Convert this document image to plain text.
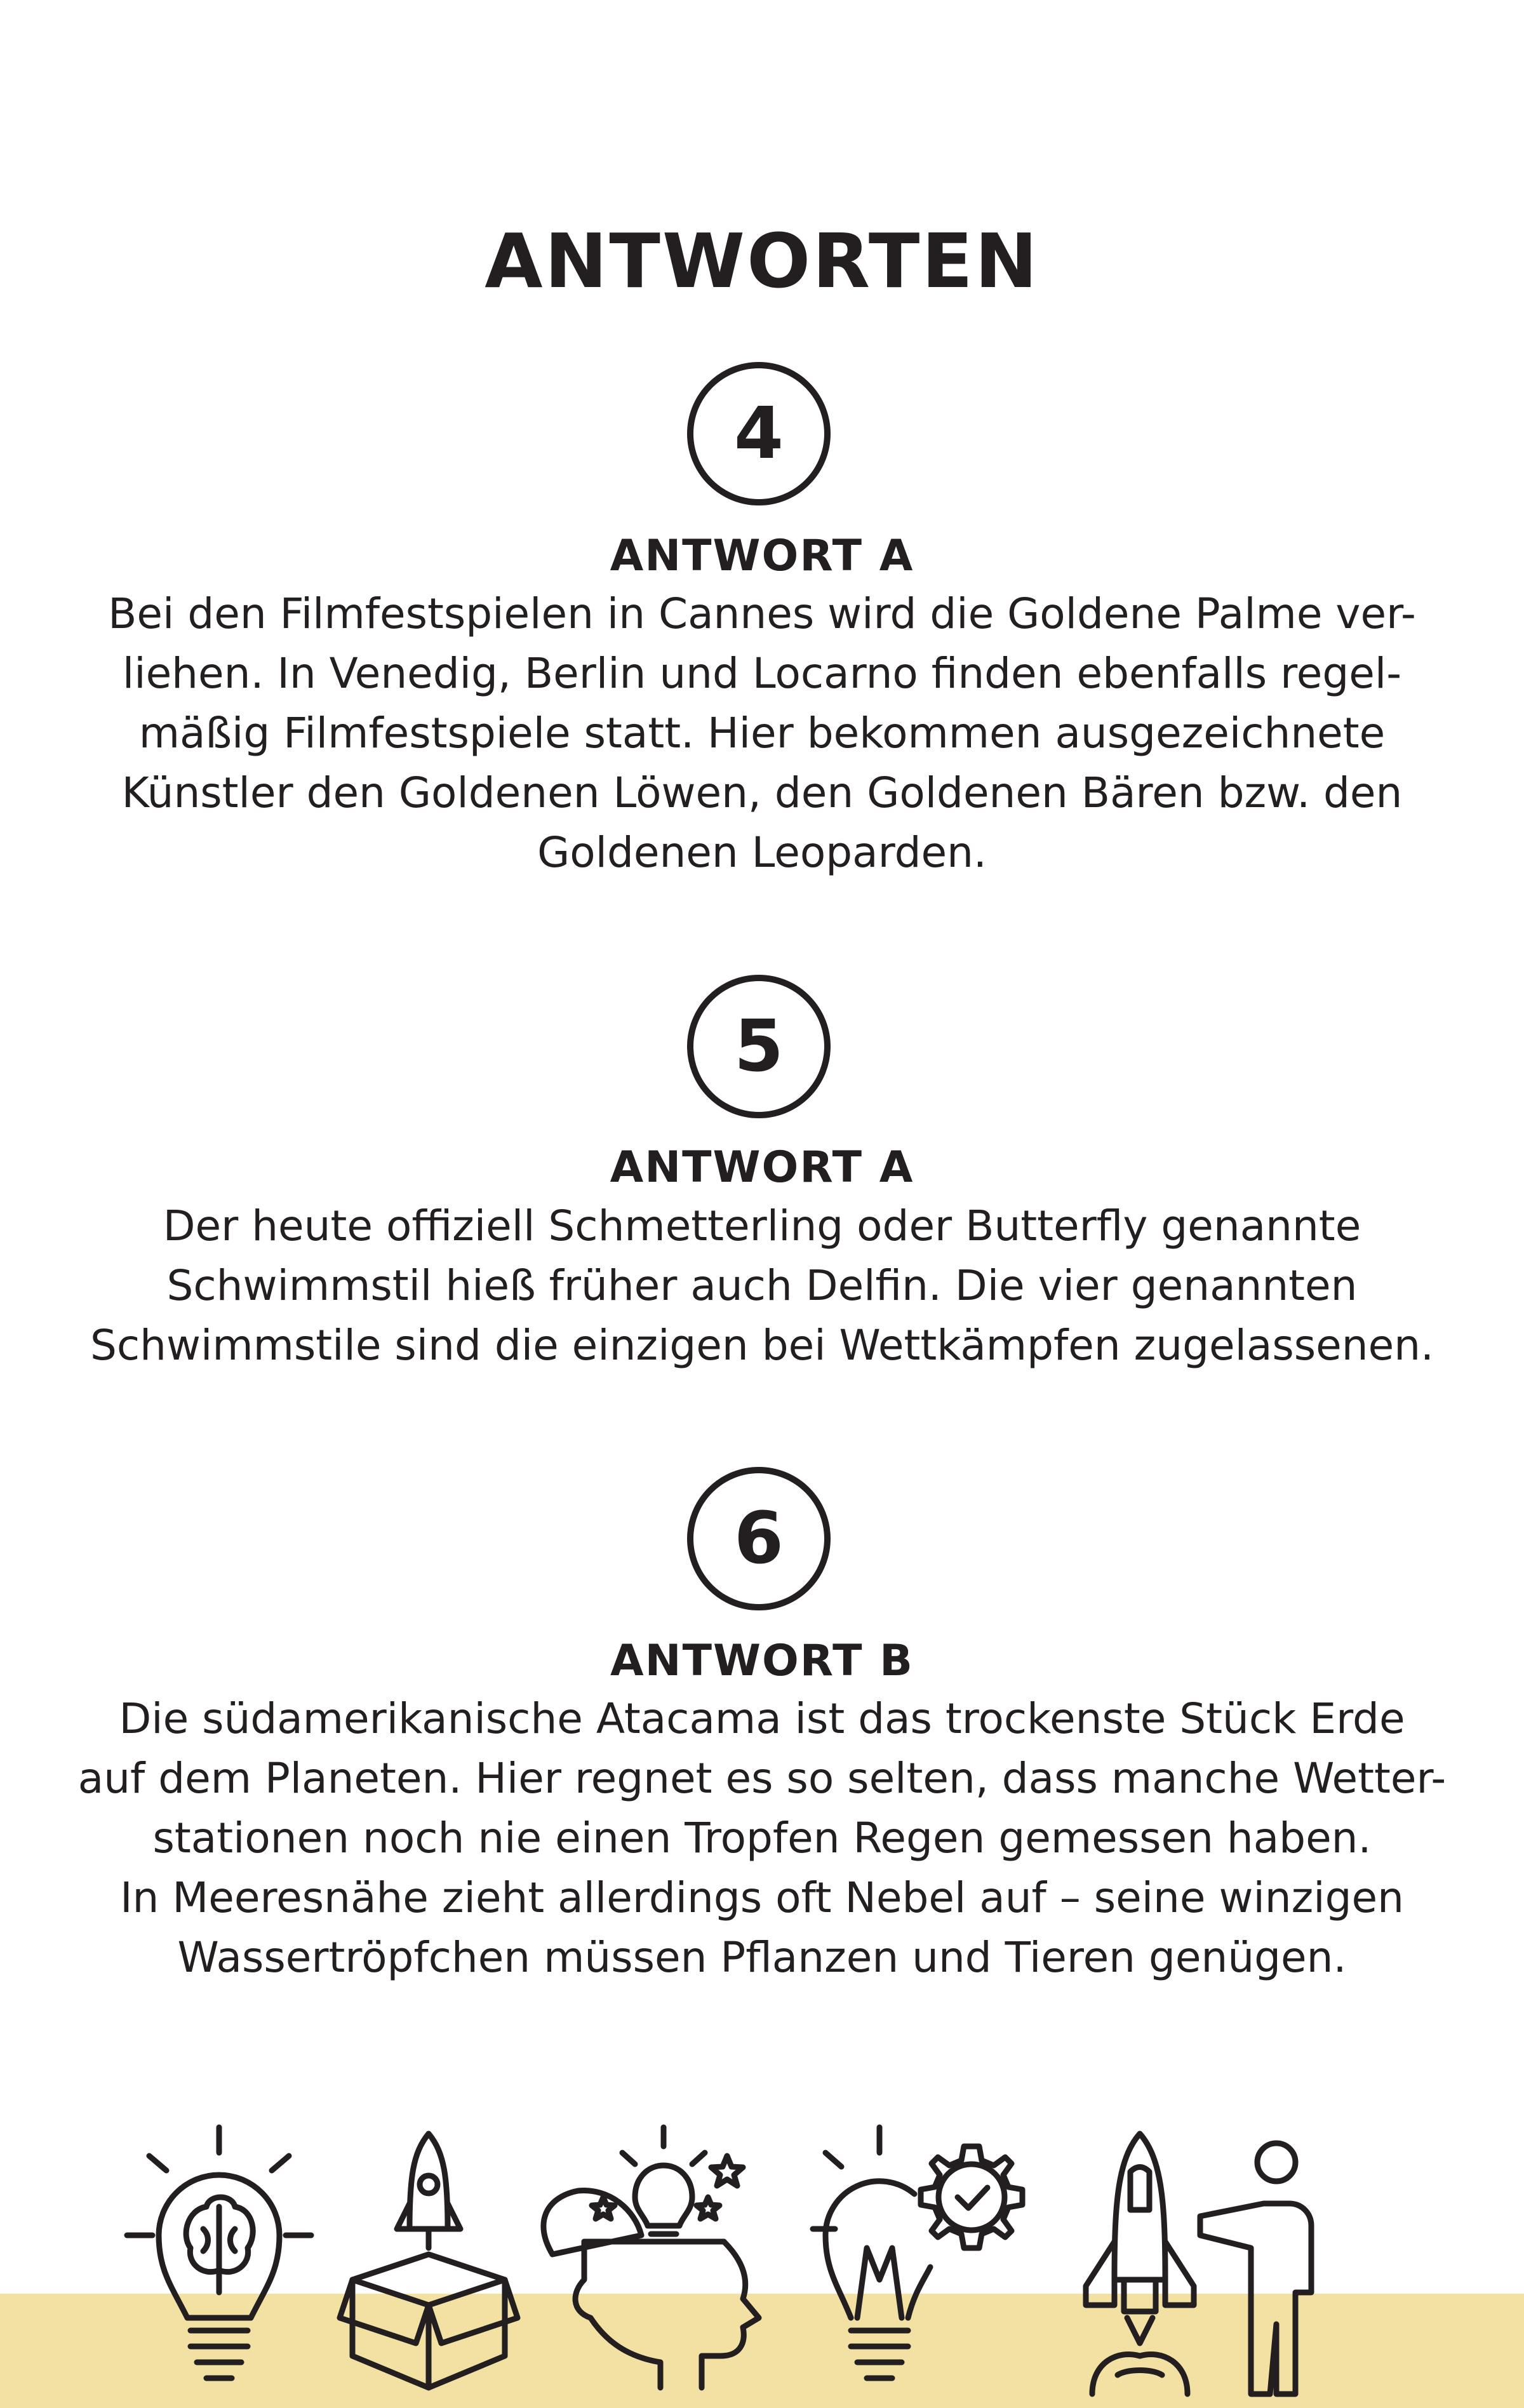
ANTWORTEN
4
ANTWORT A
Bei den Filmfestspielen in Cannes wird die Goldene Palme ver-
liehen. In Venedig, Berlin und Locarno finden ebenfalls regel-
mäßig Filmfestspiele statt. Hier bekommen ausgezeichnete
Künstler den Goldenen Löwen, den Goldenen Bären bzw. den
Goldenen Leoparden.
5
ANTWORT A
Der heute offiziell Schmetterling oder Butterfly genannte
Schwimmstil hieß früher auch Delfin. Die vier genannten
Schwimmstile sind die einzigen bei Wettkämpfen zugelassenen.
6
ANTWORT B
Die südamerikanische Atacama ist das trockenste Stück Erde
auf dem Planeten. Hier regnet es so selten, dass manche Wetter-
stationen noch nie einen Tropfen Regen gemessen haben.
In Meeresnähe zieht allerdings oft Nebel auf – seine winzigen
Wassertröpfchen müssen Pflanzen und Tieren genügen.
